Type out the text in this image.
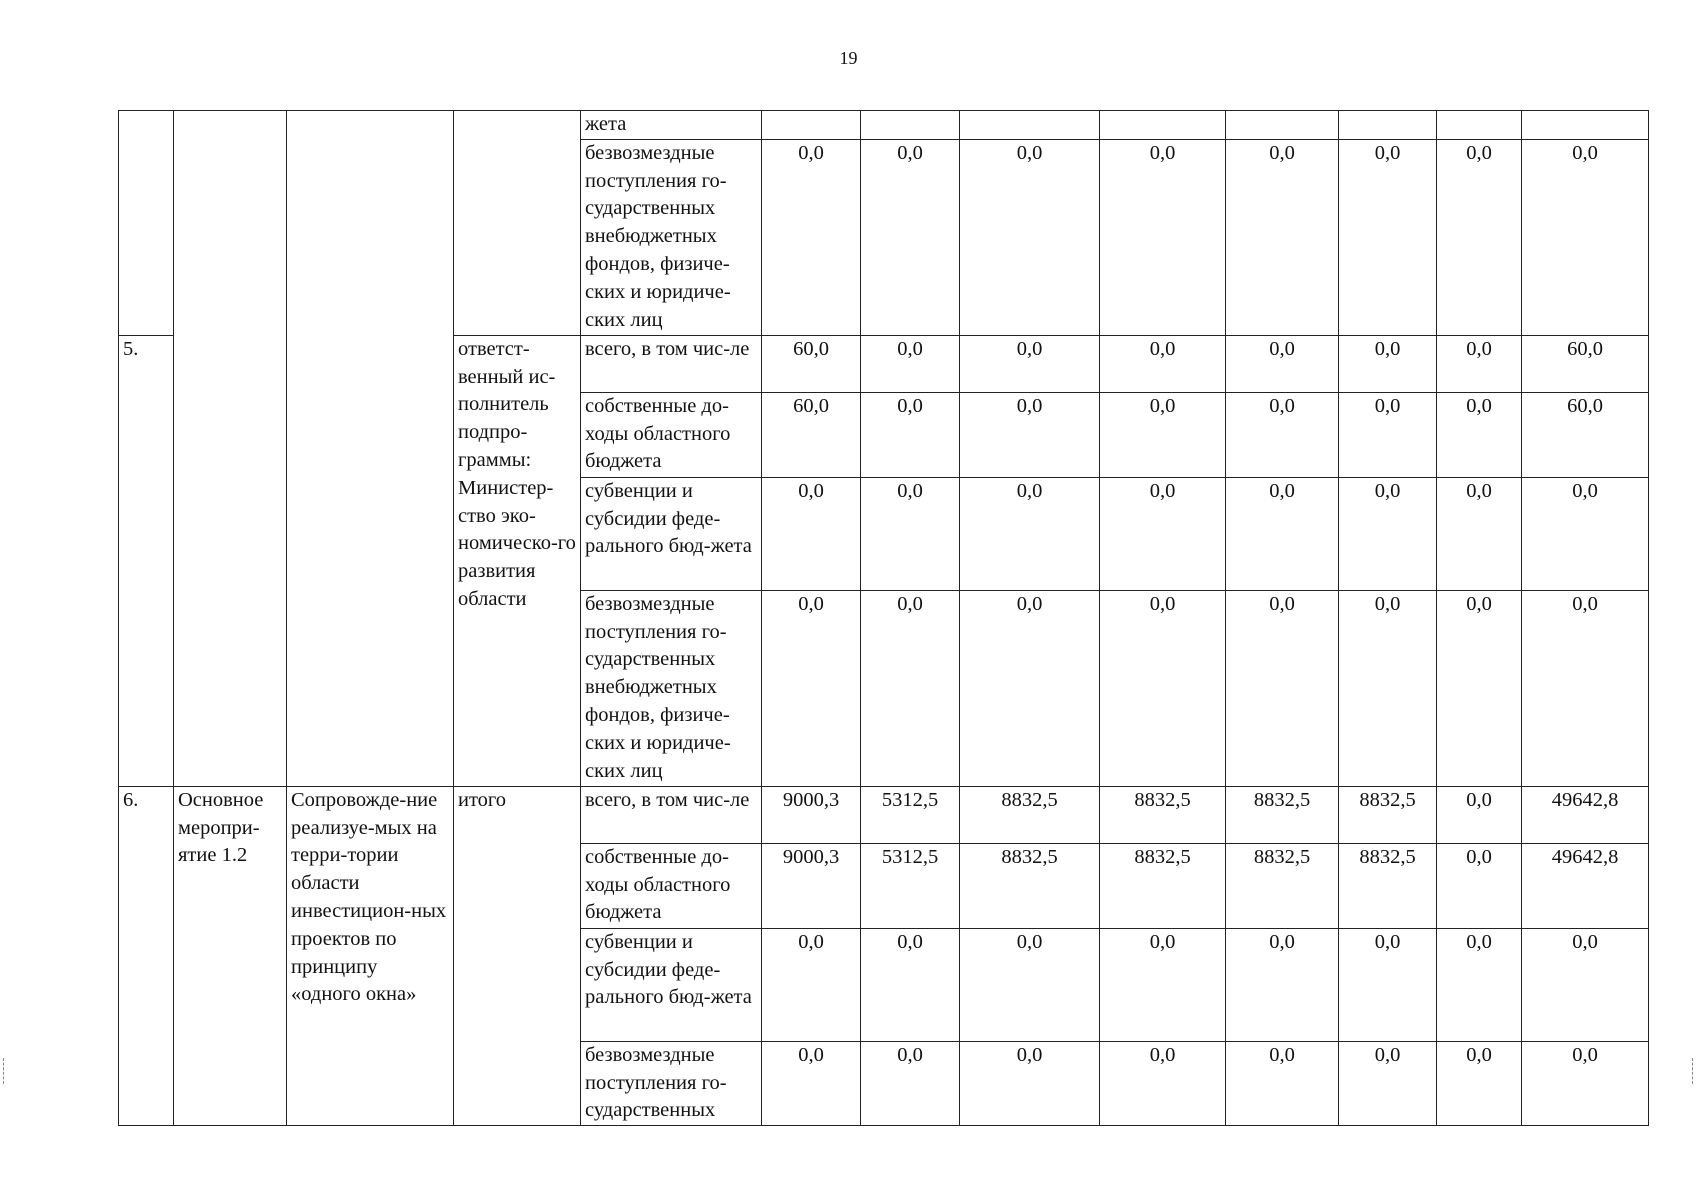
19
				жета								
				безвозмездные поступления го-сударственных внебюджетных фондов, физиче-ских и юридиче-ских лиц	0,0	0,0	0,0	0,0	0,0	0,0	0,0	0,0
5.			ответст-венный ис-полнитель подпро-граммы: Министер-ство эко-номическо-го развития области	всего, в том чис-ле	60,0	0,0	0,0	0,0	0,0	0,0	0,0	60,0
				собственные до-ходы областного бюджета	60,0	0,0	0,0	0,0	0,0	0,0	0,0	60,0
				субвенции и субсидии феде-рального бюд-жета	0,0	0,0	0,0	0,0	0,0	0,0	0,0	0,0
				безвозмездные поступления го-сударственных внебюджетных фондов, физиче-ских и юридиче-ских лиц	0,0	0,0	0,0	0,0	0,0	0,0	0,0	0,0
6.	Основное меропри-ятие 1.2	Сопровожде-ние реализуе-мых на терри-тории области инвестицион-ных проектов по принципу «одного окна»	итого	всего, в том чис-ле	9000,3	5312,5	8832,5	8832,5	8832,5	8832,5	0,0	49642,8
				собственные до-ходы областного бюджета	9000,3	5312,5	8832,5	8832,5	8832,5	8832,5	0,0	49642,8
				субвенции и субсидии феде-рального бюд-жета	0,0	0,0	0,0	0,0	0,0	0,0	0,0	0,0
				безвозмездные поступления го-сударственных	0,0	0,0	0,0	0,0	0,0	0,0	0,0	0,0
